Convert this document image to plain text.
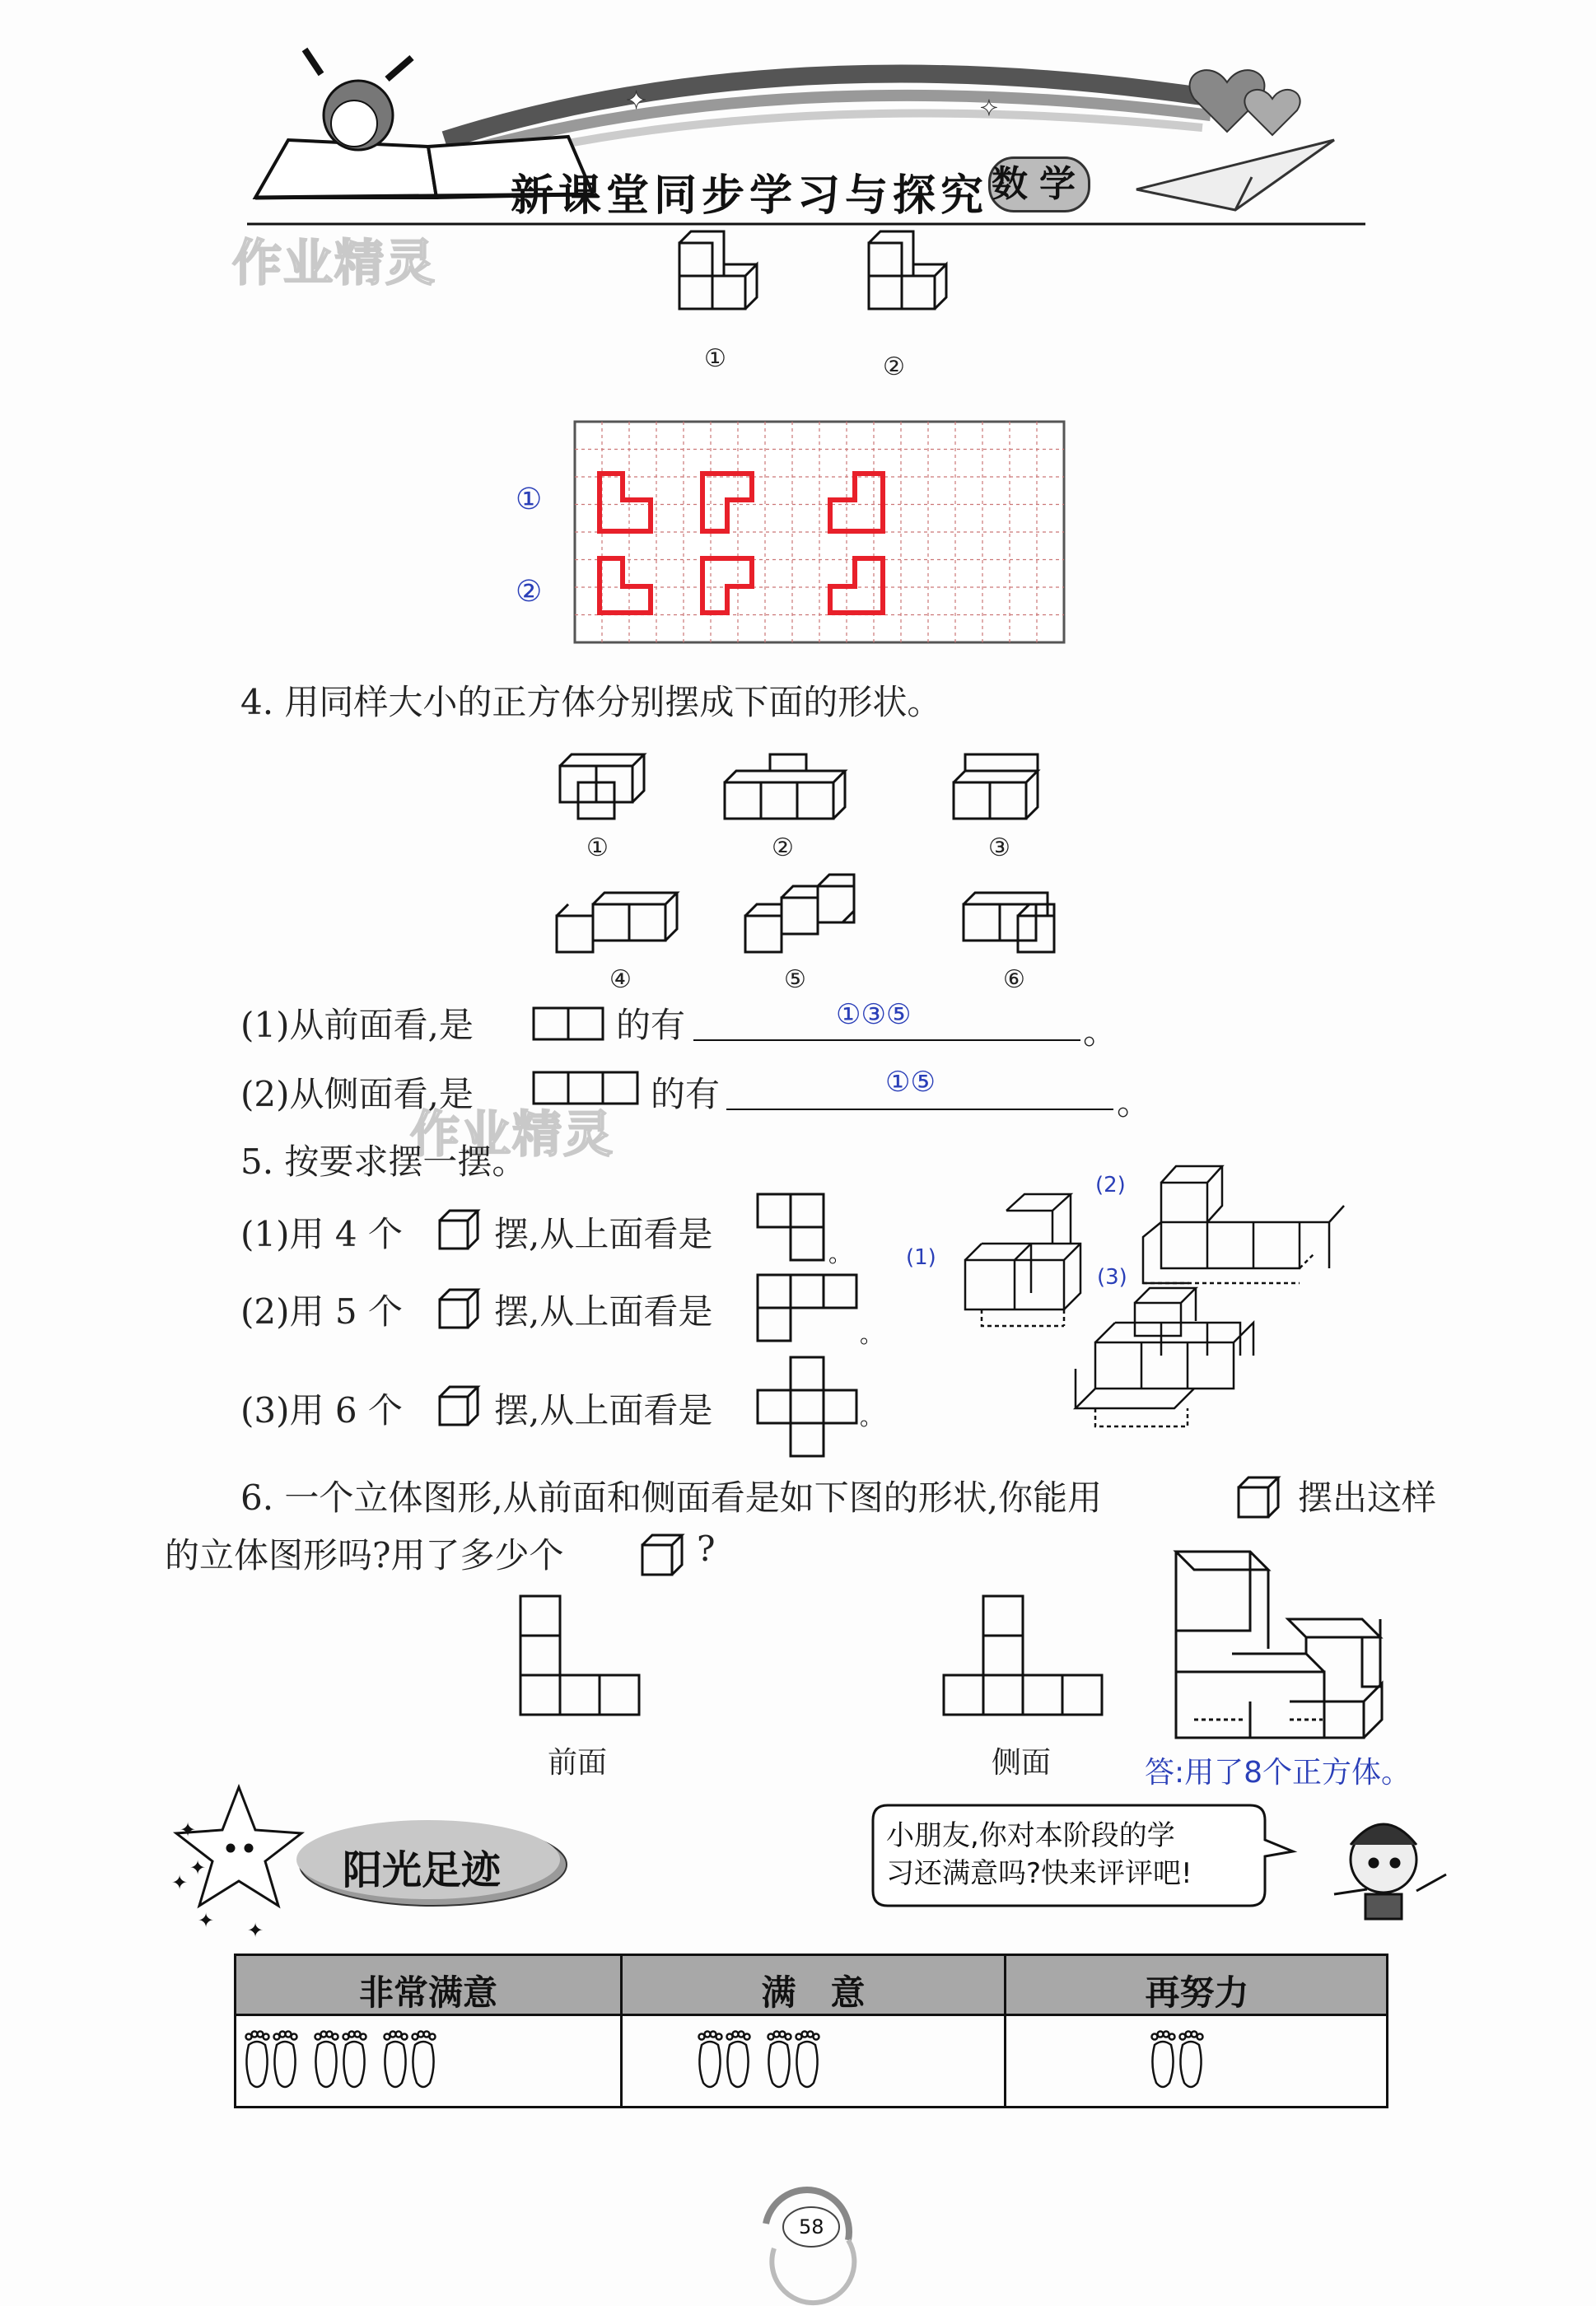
✦	✦
新课堂同步学习与探究 数学
作业精灵
作业精灵
①	②
①
②
4. 用同样大小的正方体分别摆成下面的形状。
①	②	③
④	⑤	⑥
(1)从前面看,是	的有	①③⑤	。
(2)从侧面看,是	的有	①⑤	。
5. 按要求摆一摆。
(1)用 4 个	摆,从上面看是	。
(2)用 5 个	摆,从上面看是
。
(3)用 6 个	摆,从上面看是	。
(1)
(2)
(3)
6. 一个立体图形,从前面和侧面看是如下图的形状,你能用	摆出这样
的立体图形吗?用了多少个	?
前面	侧面	答:用了8个正方体。
✦
✦
✦ ✦
✦	阳光足迹
小朋友,你对本阶段的学
习还满意吗?快来评评吧!
非常满意	满　意	再努力
58
